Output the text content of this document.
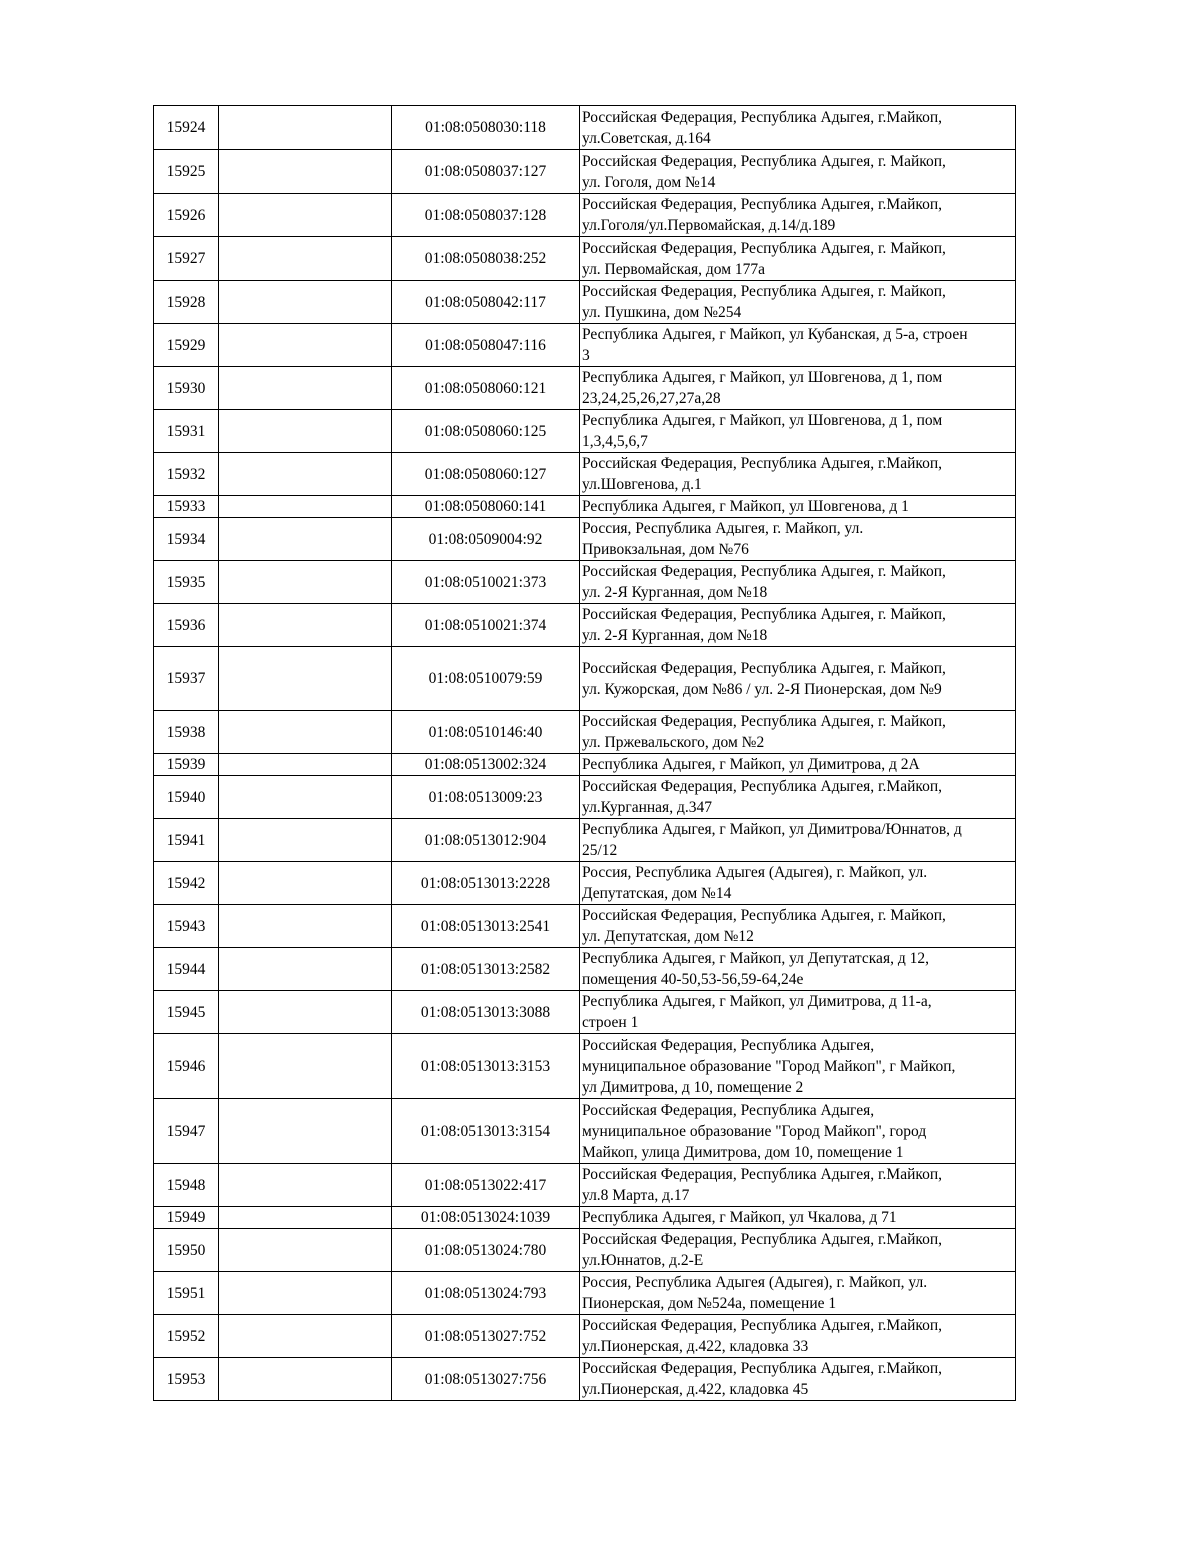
15924		01:08:0508030:118	Российская Федерация, Республика Адыгея, г.Майкоп,
ул.Советская, д.164
15925		01:08:0508037:127	Российская Федерация, Республика Адыгея, г. Майкоп,
ул. Гоголя, дом №14
15926		01:08:0508037:128	Российская Федерация, Республика Адыгея, г.Майкоп,
ул.Гоголя/ул.Первомайская, д.14/д.189
15927		01:08:0508038:252	Российская Федерация, Республика Адыгея, г. Майкоп,
ул. Первомайская, дом 177а
15928		01:08:0508042:117	Российская Федерация, Республика Адыгея, г. Майкоп,
ул. Пушкина, дом №254
15929		01:08:0508047:116	Республика Адыгея, г Майкоп, ул Кубанская, д 5-а, строен
3
15930		01:08:0508060:121	Республика Адыгея, г Майкоп, ул Шовгенова, д 1, пом
23,24,25,26,27,27а,28
15931		01:08:0508060:125	Республика Адыгея, г Майкоп, ул Шовгенова, д 1, пом
1,3,4,5,6,7
15932		01:08:0508060:127	Российская Федерация, Республика Адыгея, г.Майкоп,
ул.Шовгенова, д.1
15933		01:08:0508060:141	Республика Адыгея, г Майкоп, ул Шовгенова, д 1
15934		01:08:0509004:92	Россия, Республика Адыгея, г. Майкоп, ул.
Привокзальная, дом №76
15935		01:08:0510021:373	Российская Федерация, Республика Адыгея, г. Майкоп,
ул. 2-Я Курганная, дом №18
15936		01:08:0510021:374	Российская Федерация, Республика Адыгея, г. Майкоп,
ул. 2-Я Курганная, дом №18
15937		01:08:0510079:59	Российская Федерация, Республика Адыгея, г. Майкоп,
ул. Кужорская, дом №86 / ул. 2-Я Пионерская, дом №9
15938		01:08:0510146:40	Российская Федерация, Республика Адыгея, г. Майкоп,
ул. Пржевальского, дом №2
15939		01:08:0513002:324	Республика Адыгея, г Майкоп, ул Димитрова, д 2А
15940		01:08:0513009:23	Российская Федерация, Республика Адыгея, г.Майкоп,
ул.Курганная, д.347
15941		01:08:0513012:904	Республика Адыгея, г Майкоп, ул Димитрова/Юннатов, д
25/12
15942		01:08:0513013:2228	Россия, Республика Адыгея (Адыгея), г. Майкоп, ул.
Депутатская, дом №14
15943		01:08:0513013:2541	Российская Федерация, Республика Адыгея, г. Майкоп,
ул. Депутатская, дом №12
15944		01:08:0513013:2582	Республика Адыгея, г Майкоп, ул Депутатская, д 12,
помещения 40-50,53-56,59-64,24е
15945		01:08:0513013:3088	Республика Адыгея, г Майкоп, ул Димитрова, д 11-а,
строен 1
15946		01:08:0513013:3153	Российская Федерация, Республика Адыгея,
муниципальное образование "Город Майкоп", г Майкоп,
ул Димитрова, д 10, помещение 2
15947		01:08:0513013:3154	Российская Федерация, Республика Адыгея,
муниципальное образование "Город Майкоп", город
Майкоп, улица Димитрова, дом 10, помещение 1
15948		01:08:0513022:417	Российская Федерация, Республика Адыгея, г.Майкоп,
ул.8 Марта, д.17
15949		01:08:0513024:1039	Республика Адыгея, г Майкоп, ул Чкалова, д 71
15950		01:08:0513024:780	Российская Федерация, Республика Адыгея, г.Майкоп,
ул.Юннатов, д.2-Е
15951		01:08:0513024:793	Россия, Республика Адыгея (Адыгея), г. Майкоп, ул.
Пионерская, дом №524а, помещение 1
15952		01:08:0513027:752	Российская Федерация, Республика Адыгея, г.Майкоп,
ул.Пионерская, д.422, кладовка 33
15953		01:08:0513027:756	Российская Федерация, Республика Адыгея, г.Майкоп,
ул.Пионерская, д.422, кладовка 45
